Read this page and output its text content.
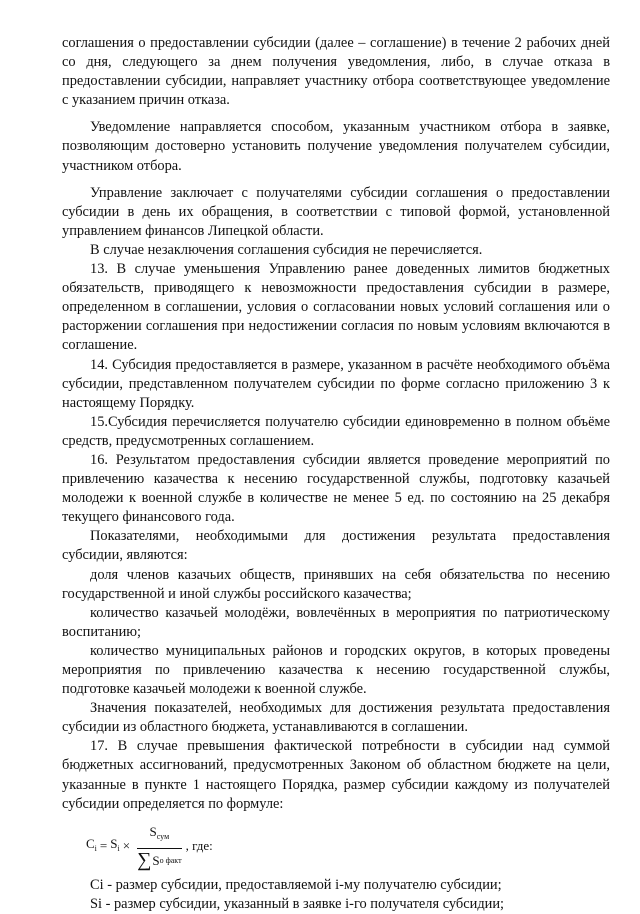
соглашения о предоставлении субсидии (далее – соглашение) в течение 2 рабочих дней со дня, следующего за днем получения уведомления, либо, в случае отказа в предоставлении субсидии, направляет участнику отбора соответствующее уведомление с указанием причин отказа.

Уведомление направляется способом, указанным участником отбора в заявке, позволяющим достоверно установить получение уведомления получателем субсидии, участником отбора.

Управление заключает с получателями субсидии соглашения о предоставлении субсидии в день их обращения, в соответствии с типовой формой, установленной управлением финансов Липецкой области.

В случае незаключения соглашения субсидия не перечисляется.

13. В случае уменьшения Управлению ранее доведенных лимитов бюджетных обязательств, приводящего к невозможности предоставления субсидии в размере, определенном в соглашении, условия о согласовании новых условий соглашения или о расторжении соглашения при недостижении согласия по новым условиям включаются в соглашение.

14. Субсидия предоставляется в размере, указанном в расчёте необходимого объёма субсидии, представленном получателем субсидии по форме согласно приложению 3 к настоящему Порядку.

15.Субсидия перечисляется получателю субсидии единовременно в полном объёме средств, предусмотренных соглашением.

16. Результатом предоставления субсидии является проведение мероприятий по привлечению казачества к несению государственной службы, подготовку казачьей молодежи к военной службе в количестве не менее 5 ед. по состоянию на 25 декабря текущего финансового года.

Показателями, необходимыми для достижения результата предоставления субсидии, являются:

доля членов казачьих обществ, принявших на себя обязательства по несению государственной и иной службы российского казачества;

количество казачьей молодёжи, вовлечённых в мероприятия по патриотическому воспитанию;

количество муниципальных районов и городских округов, в которых проведены мероприятия по привлечению казачества к несению государственной службы, подготовке казачьей молодежи к военной службе.

Значения показателей, необходимых для достижения результата предоставления субсидии из областного бюджета, устанавливаются в соглашении.

17. В случае превышения фактической потребности в субсидии над суммой бюджетных ассигнований, предусмотренных Законом об областном бюджете на цели, указанные в пункте 1 настоящего Порядка, размер субсидии каждому из получателей субсидии определяется по формуле:

$C_i = S_i \times \frac{S_{сум}}{\text{∑ S о факт}}$ , где:

Ci - размер субсидии, предоставляемой i-му получателю субсидии;

Si - размер субсидии, указанный в заявке i-го получателя субсидии;
